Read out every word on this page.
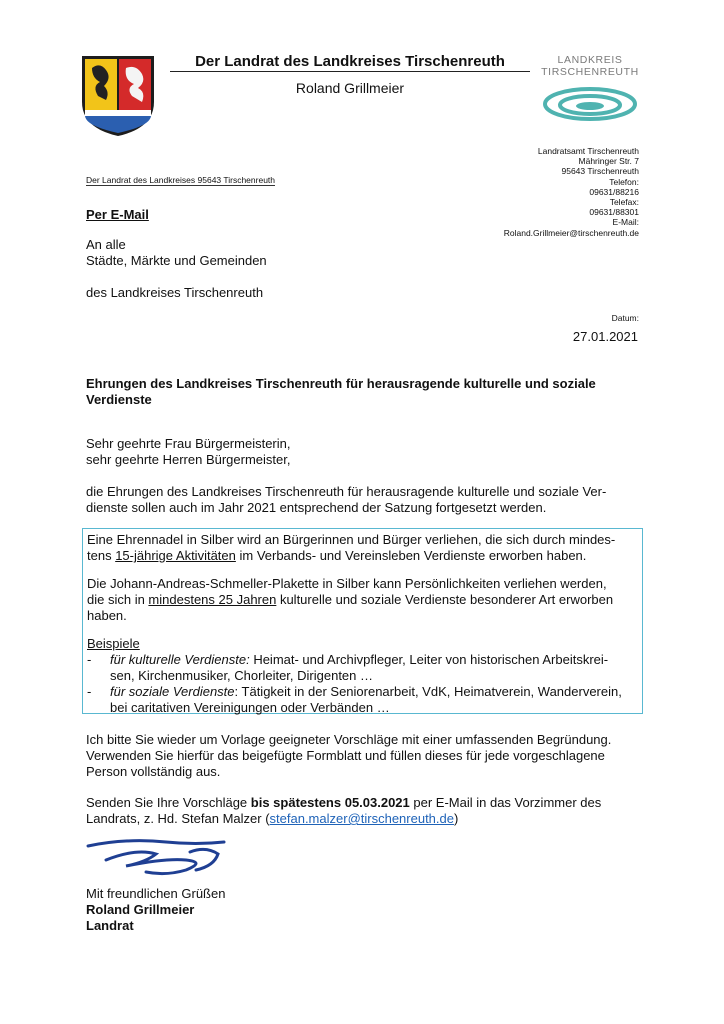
Der Landrat des Landkreises Tirschenreuth
Roland Grillmeier
LANDKREIS
TIRSCHENREUTH
Der Landrat des Landkreises 95643 Tirschenreuth
Landratsamt Tirschenreuth
Mähringer Str. 7
95643 Tirschenreuth
Telefon:
09631/88216
Telefax:
09631/88301
E-Mail:
Roland.Grillmeier@tirschenreuth.de
Per E-Mail
An alle
Städte, Märkte und Gemeinden
des Landkreises Tirschenreuth
Datum:
27.01.2021
Ehrungen des Landkreises Tirschenreuth für herausragende kulturelle und soziale
Verdienste
Sehr geehrte Frau Bürgermeisterin,
sehr geehrte Herren Bürgermeister,
die Ehrungen des Landkreises Tirschenreuth für herausragende kulturelle und soziale Ver-
dienste sollen auch im Jahr 2021 entsprechend der Satzung fortgesetzt werden.

Eine Ehrennadel in Silber wird an Bürgerinnen und Bürger verliehen, die sich durch mindes-
tens 15-jährige Aktivitäten im Verbands- und Vereinsleben Verdienste erworben haben.

Die Johann-Andreas-Schmeller-Plakette in Silber kann Persönlichkeiten verliehen werden,
die sich in mindestens 25 Jahren kulturelle und soziale Verdienste besonderer Art erworben
haben.

Beispiele

- für kulturelle Verdienste: Heimat- und Archivpfleger, Leiter von historischen Arbeitskrei-
sen, Kirchenmusiker, Chorleiter, Dirigenten …
- für soziale Verdienste: Tätigkeit in der Seniorenarbeit, VdK, Heimatverein, Wanderverein,
bei caritativen Vereinigungen oder Verbänden …
Ich bitte Sie wieder um Vorlage geeigneter Vorschläge mit einer umfassenden Begründung.
Verwenden Sie hierfür das beigefügte Formblatt und füllen dieses für jede vorgeschlagene
Person vollständig aus.
Senden Sie Ihre Vorschläge bis spätestens 05.03.2021 per E-Mail in das Vorzimmer des
Landrats, z. Hd. Stefan Malzer (stefan.malzer@tirschenreuth.de)
Mit freundlichen Grüßen
Roland Grillmeier
Landrat
